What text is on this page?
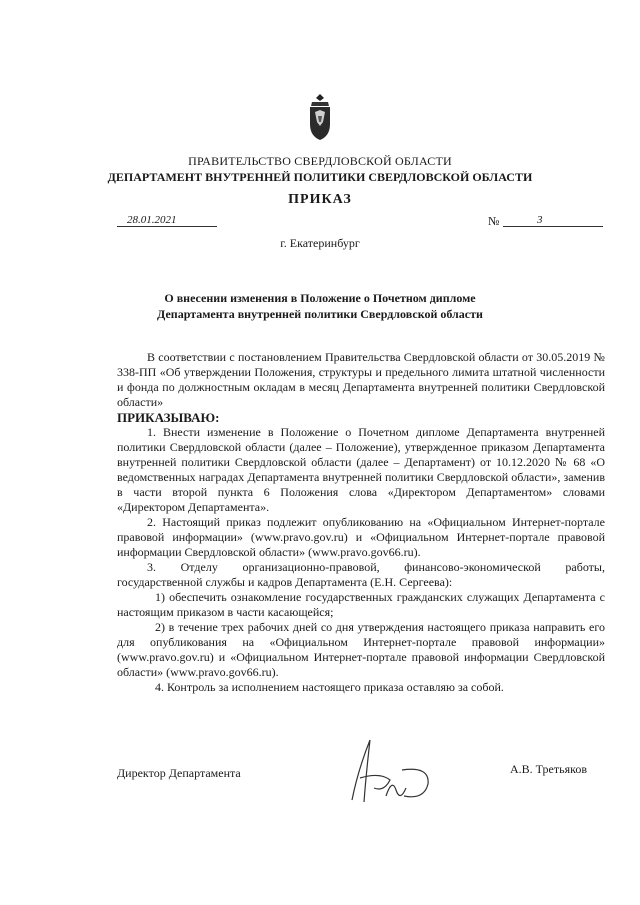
ПРАВИТЕЛЬСТВО СВЕРДЛОВСКОЙ ОБЛАСТИ
ДЕПАРТАМЕНТ ВНУТРЕННЕЙ ПОЛИТИКИ СВЕРДЛОВСКОЙ ОБЛАСТИ
ПРИКАЗ
28.01.2021	№	3
г. Екатеринбург
О внесении изменения в Положение о Почетном дипломе
Департамента внутренней политики Свердловской области

В соответствии с постановлением Правительства Свердловской области от 30.05.2019 № 338-ПП «Об утверждении Положения, структуры и предельного лимита штатной численности и фонда по должностным окладам в месяц Департамента внутренней политики Свердловской области»

ПРИКАЗЫВАЮ:

1. Внести изменение в Положение о Почетном дипломе Департамента внутренней политики Свердловской области (далее – Положение), утвержденное приказом Департамента внутренней политики Свердловской области (далее – Департамент) от 10.12.2020 № 68 «О ведомственных наградах Департамента внутренней политики Свердловской области», заменив в части второй пункта 6 Положения слова «Директором Департаментом» словами «Директором Департамента».

2. Настоящий приказ подлежит опубликованию на «Официальном Интернет-портале правовой информации» (www.pravo.gov.ru) и «Официальном Интернет-портале правовой информации Свердловской области» (www.pravo.gov66.ru).

3. Отделу организационно-правовой, финансово-экономической работы, государственной службы и кадров Департамента (Е.Н. Сергеева):

1) обеспечить ознакомление государственных гражданских служащих Департамента с настоящим приказом в части касающейся;

2) в течение трех рабочих дней со дня утверждения настоящего приказа направить его для опубликования на «Официальном Интернет-портале правовой информации» (www.pravo.gov.ru) и «Официальном Интернет-портале правовой информации Свердловской области» (www.pravo.gov66.ru).

4. Контроль за исполнением настоящего приказа оставляю за собой.

Директор Департамента	А.В. Третьяков
